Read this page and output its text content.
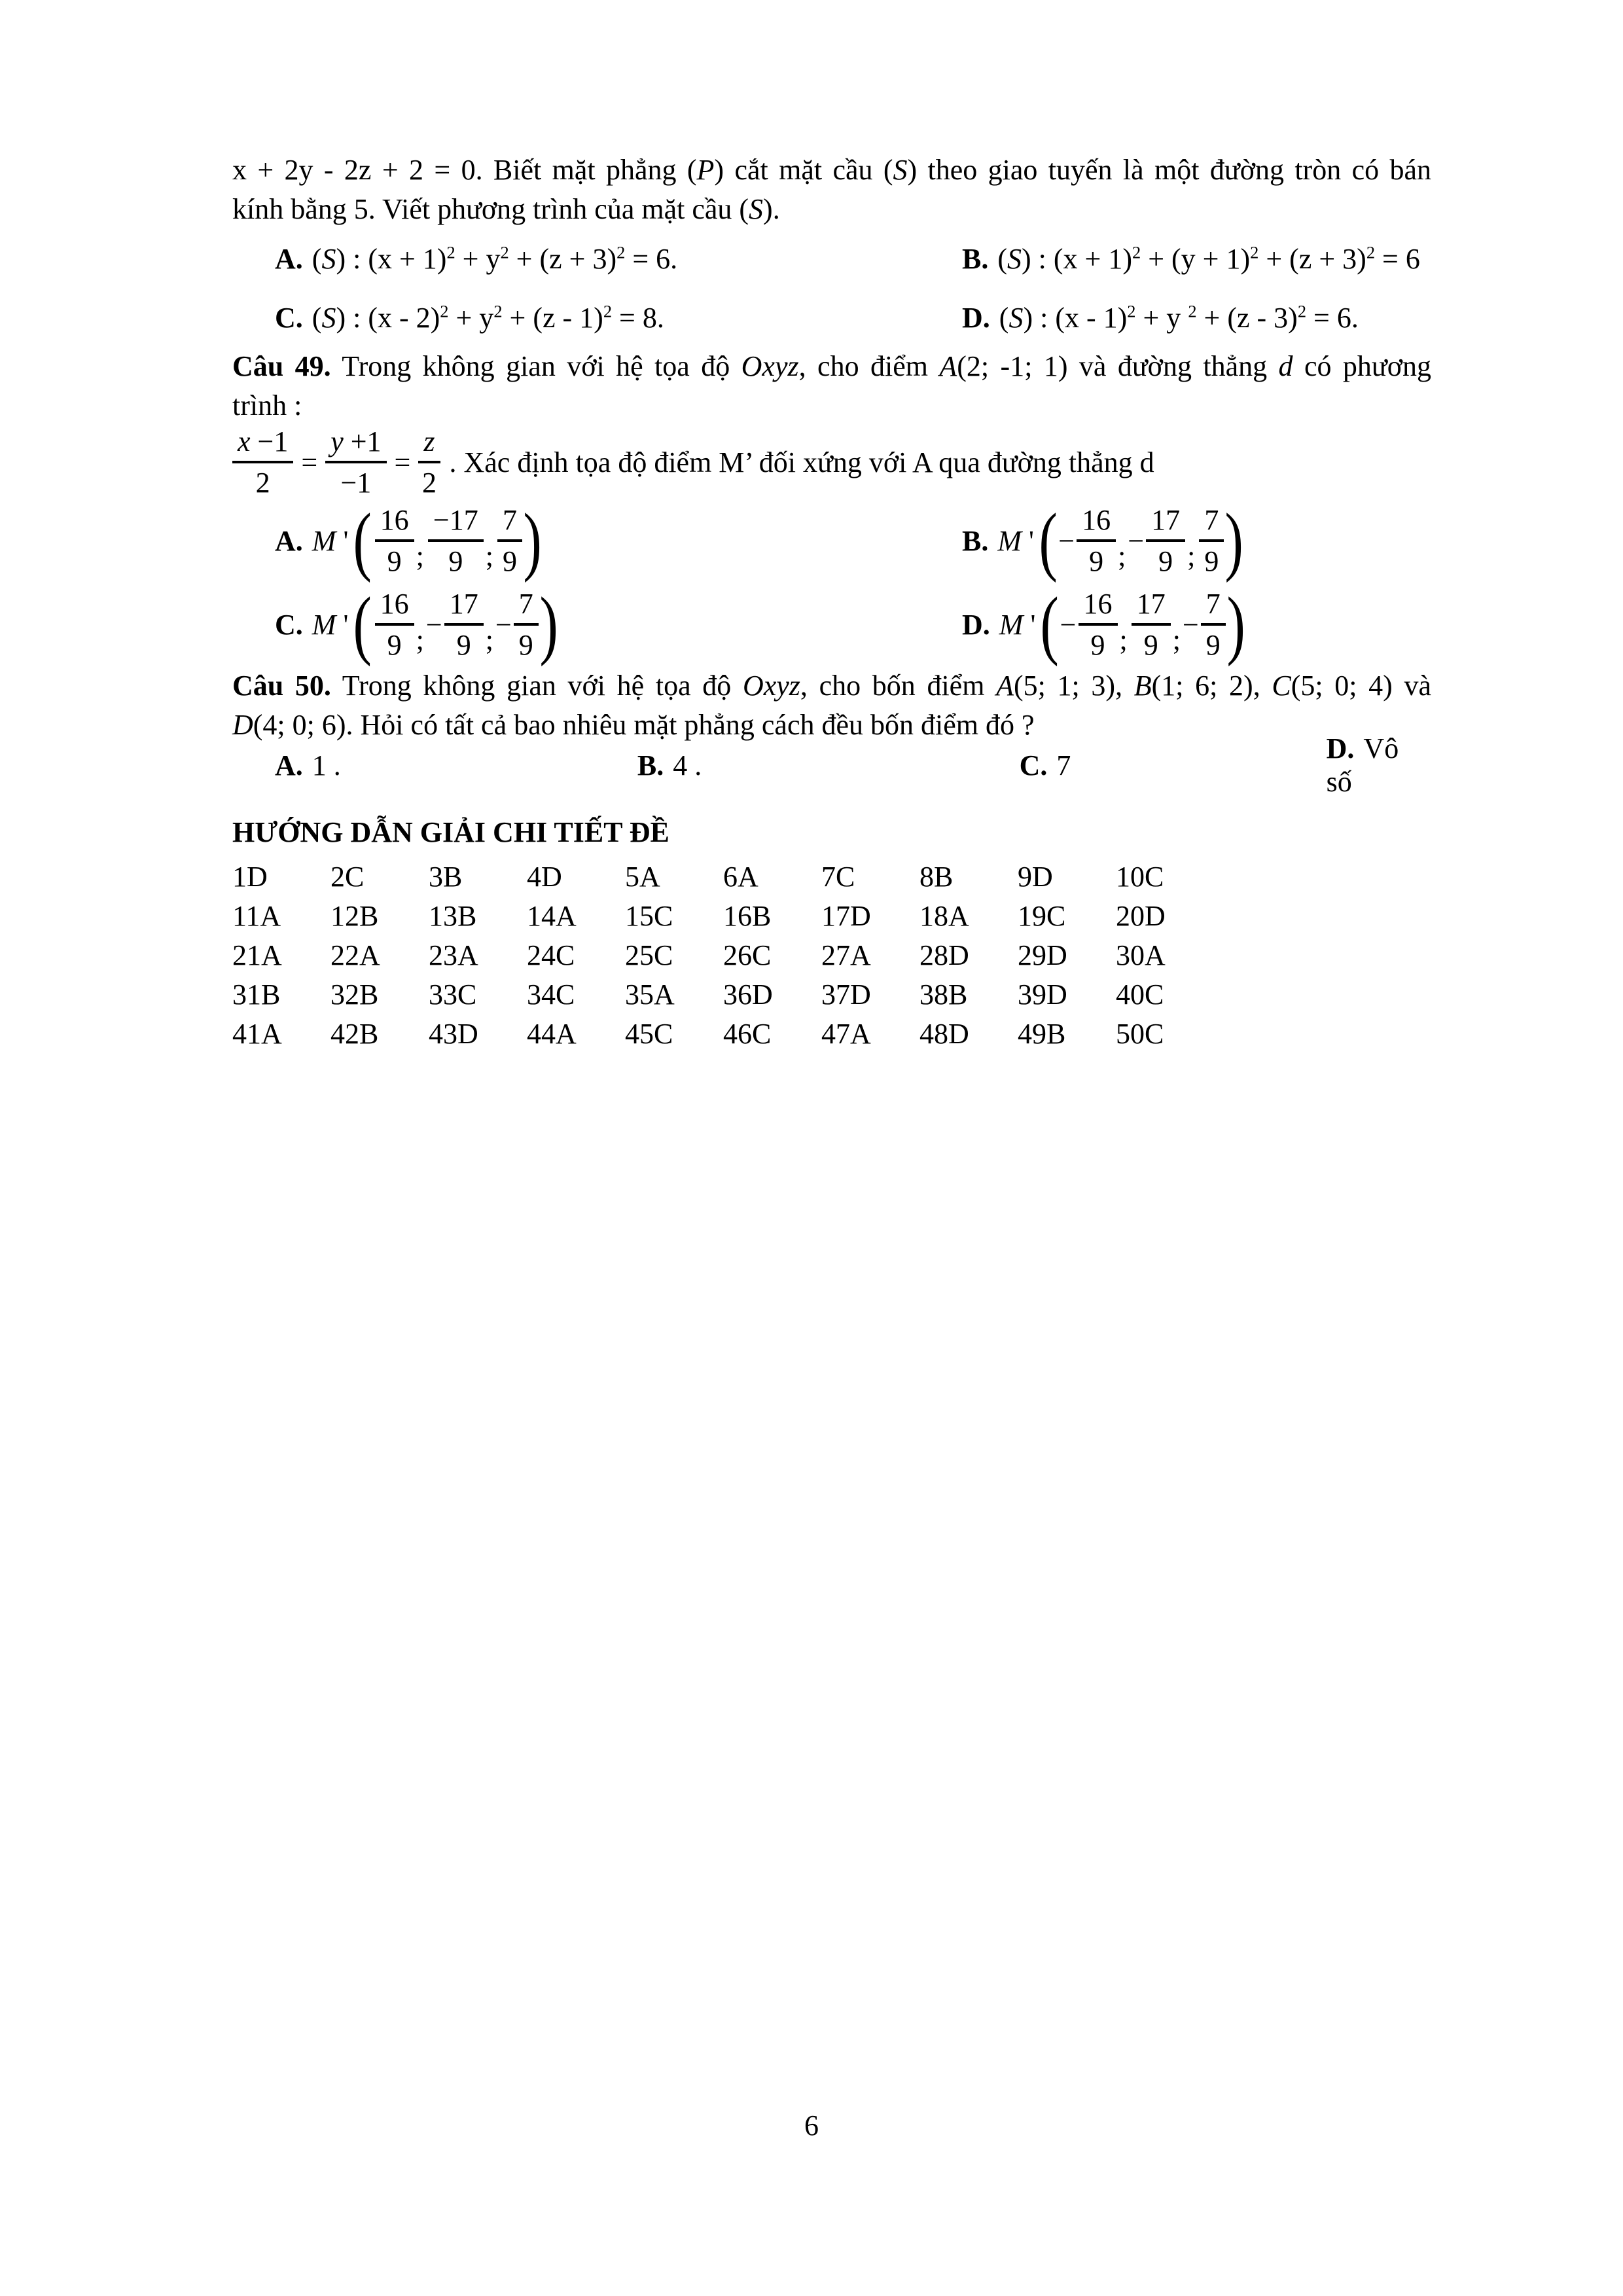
x + 2y - 2z + 2 = 0. Biết mặt phẳng (P) cắt mặt cầu (S) theo giao tuyến là một đường tròn có bán

kính bằng 5. Viết phương trình của mặt cầu (S).

A. (S) : $(x + 1)^2 + y^2 + (z + 3)^2 = 6$.	B. (S) : $(x + 1)^2 + (y + 1)^2 + (z + 3)^2 = 6$
C. (S) : $(x - 2)^2 + y^2 + (z - 1)^2 = 8$.	D. (S) : (x - 1)$^2$ + y $^2$ + (z - 3)$^2$ = 6.

Câu 49. Trong không gian với hệ tọa độ Oxyz, cho điểm A(2; -1; 1) và đường thẳng d có phương

trình :

$\frac{x -1}{2} = \frac{y +1}{-1} = \frac{z}{2}$ . Xác định tọa độ điểm M’ đối xứng với A qua đường thẳng d
A. M ' ( $\frac{16}{9}$ ; $\frac{-17}{9}$ ; $\frac{7}{9}$ )	B. M ' ( − $\frac{16}{9}$ ; − $\frac{17}{9}$ ; $\frac{7}{9}$ )
C. M ' ( $\frac{16}{9}$ ; − $\frac{17}{9}$ ; − $\frac{7}{9}$ )	D. M ' ( − $\frac{16}{9}$ ; $\frac{17}{9}$ ; − $\frac{7}{9}$ )

Câu 50. Trong không gian với hệ tọa độ Oxyz, cho bốn điểm A(5; 1; 3), B(1; 6; 2), C(5; 0; 4) và

D(4; 0; 6). Hỏi có tất cả bao nhiêu mặt phẳng cách đều bốn điểm đó ?

A. 1 .	B. 4 .	C. 7
D. Vô số
HƯỚNG DẪN GIẢI CHI TIẾT ĐỀ
1D	2C	3B	4D	5A	6A	7C	8B	9D	10C
11A	12B	13B	14A	15C	16B	17D	18A	19C	20D
21A	22A	23A	24C	25C	26C	27A	28D	29D	30A
31B	32B	33C	34C	35A	36D	37D	38B	39D	40C
41A	42B	43D	44A	45C	46C	47A	48D	49B	50C
6
